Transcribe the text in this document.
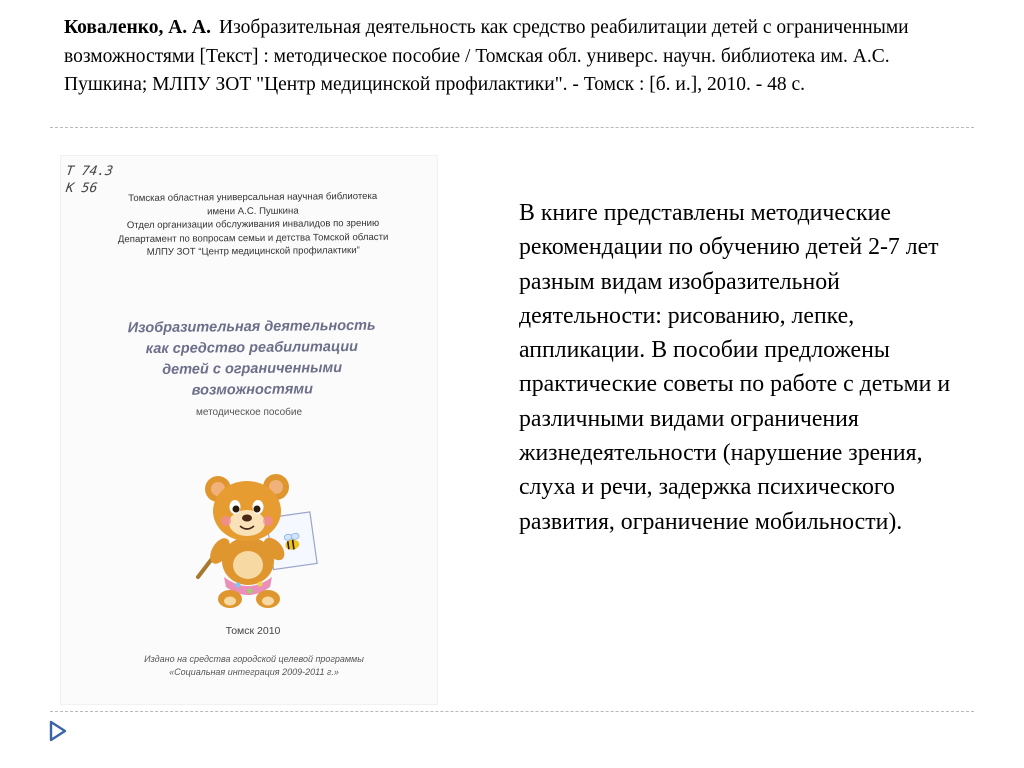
Коваленко, А. А. Изобразительная деятельность как средство реабилитации детей с ограниченными возможностями [Текст] : методическое пособие / Томская обл. универс. научн. библиотека им. А.С. Пушкина; МЛПУ ЗОТ "Центр медицинской профилактики". - Томск : [б. и.], 2010. - 48 с.
Т 74.3
К 56
Томская областная универсальная научная библиотека
имени А.С. Пушкина
Отдел организации обслуживания инвалидов по зрению
Департамент по вопросам семьи и детства Томской области
МЛПУ ЗОТ “Центр медицинской профилактики”
Изобразительная деятельность
как средство реабилитации
детей с ограниченными
возможностями
методическое пособие
Томск 2010
Издано на средства городской целевой программы
«Социальная интеграция 2009-2011 г.»
В книге представлены методические рекомендации по обучению детей 2-7 лет разным видам изобразительной деятельности: рисованию, лепке, аппликации. В пособии предложены практические советы по работе с детьми и различными видами ограничения жизнедеятельности (нарушение зрения, слуха и речи, задержка психического развития, ограничение мобильности).
